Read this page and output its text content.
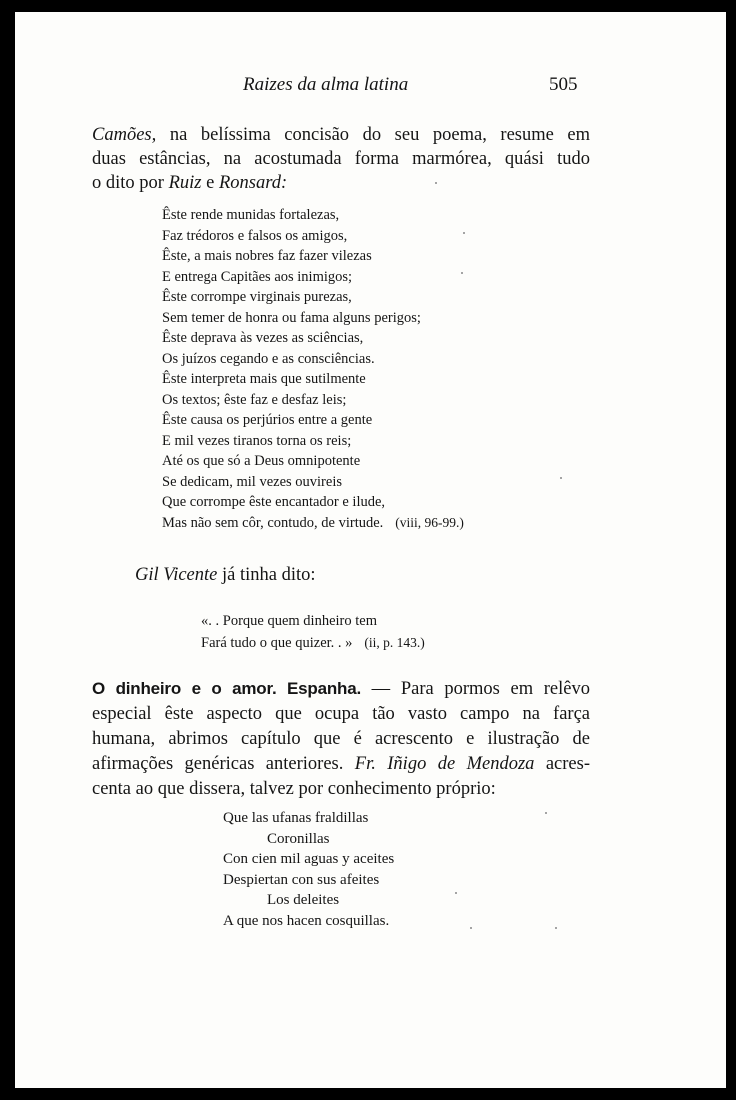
Raizes da alma latina	505
Camões, na belíssima concisão do seu poema, resume em
duas estâncias, na acostumada forma marmórea, quási tudo
o dito por Ruiz e Ronsard:
Êste rende munidas fortalezas,
Faz trédoros e falsos os amigos,
Êste, a mais nobres faz fazer vilezas
E entrega Capitães aos inimigos;
Êste corrompe virginais purezas,
Sem temer de honra ou fama alguns perigos;
Êste deprava às vezes as sciências,
Os juízos cegando e as consciências.
Êste interpreta mais que sutilmente
Os textos; êste faz e desfaz leis;
Êste causa os perjúrios entre a gente
E mil vezes tiranos torna os reis;
Até os que só a Deus omnipotente
Se dedicam, mil vezes ouvireis
Que corrompe êste encantador e ilude,
Mas não sem côr, contudo, de virtude. (viii, 96-99.)
Gil Vicente já tinha dito:
«. . Porque quem dinheiro tem
Fará tudo o que quizer. . » (ii, p. 143.)
O dinheiro e o amor. Espanha. — Para pormos em relêvo
especial êste aspecto que ocupa tão vasto campo na farça
humana, abrimos capítulo que é acrescento e ilustração de
afirmações genéricas anteriores. Fr. Iñigo de Mendoza acres-
centa ao que dissera, talvez por conhecimento próprio:
Que las ufanas fraldillas
Coronillas
Con cien mil aguas y aceites
Despiertan con sus afeites
Los deleites
A que nos hacen cosquillas.
